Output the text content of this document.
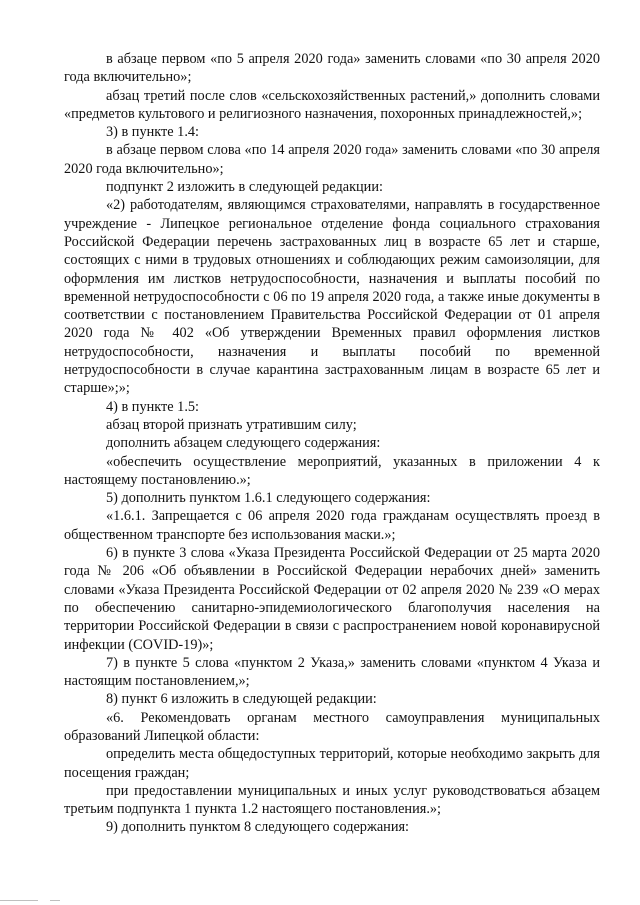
в абзаце первом «по 5 апреля 2020 года» заменить словами «по 30 апреля 2020 года включительно»;

абзац третий после слов «сельскохозяйственных растений,» дополнить словами «предметов культового и религиозного назначения, похоронных принадлежностей,»;

3) в пункте 1.4:

в абзаце первом слова «по 14 апреля 2020 года» заменить словами «по 30 апреля 2020 года включительно»;

подпункт 2 изложить в следующей редакции:

«2) работодателям, являющимся страхователями, направлять в государственное учреждение - Липецкое региональное отделение фонда социального страхования Российской Федерации перечень застрахованных лиц в возрасте 65 лет и старше, состоящих с ними в трудовых отношениях и соблюдающих режим самоизоляции, для оформления им листков нетрудоспособности, назначения и выплаты пособий по временной нетрудоспособности с 06 по 19 апреля 2020 года, а также иные документы в соответствии с постановлением Правительства Российской Федерации от 01 апреля 2020 года № 402 «Об утверждении Временных правил оформления листков нетрудоспособности, назначения и выплаты пособий по временной нетрудоспособности в случае карантина застрахованным лицам в возрасте 65 лет и старше»;»;

4) в пункте 1.5:

абзац второй признать утратившим силу;

дополнить абзацем следующего содержания:

«обеспечить осуществление мероприятий, указанных в приложении 4 к настоящему постановлению.»;

5) дополнить пунктом 1.6.1 следующего содержания:

«1.6.1. Запрещается с 06 апреля 2020 года гражданам осуществлять проезд в общественном транспорте без использования маски.»;

6) в пункте 3 слова «Указа Президента Российской Федерации от 25 марта 2020 года № 206 «Об объявлении в Российской Федерации нерабочих дней» заменить словами «Указа Президента Российской Федерации от 02 апреля 2020 № 239 «О мерах по обеспечению санитарно-эпидемиологического благополучия населения на территории Российской Федерации в связи с распространением новой коронавирусной инфекции (COVID-19)»;

7) в пункте 5 слова «пунктом 2 Указа,» заменить словами «пунктом 4 Указа и настоящим постановлением,»;

8) пункт 6 изложить в следующей редакции:

«6. Рекомендовать органам местного самоуправления муниципальных образований Липецкой области:

определить места общедоступных территорий, которые необходимо закрыть для посещения граждан;

при предоставлении муниципальных и иных услуг руководствоваться абзацем третьим подпункта 1 пункта 1.2 настоящего постановления.»;

9) дополнить пунктом 8 следующего содержания:
